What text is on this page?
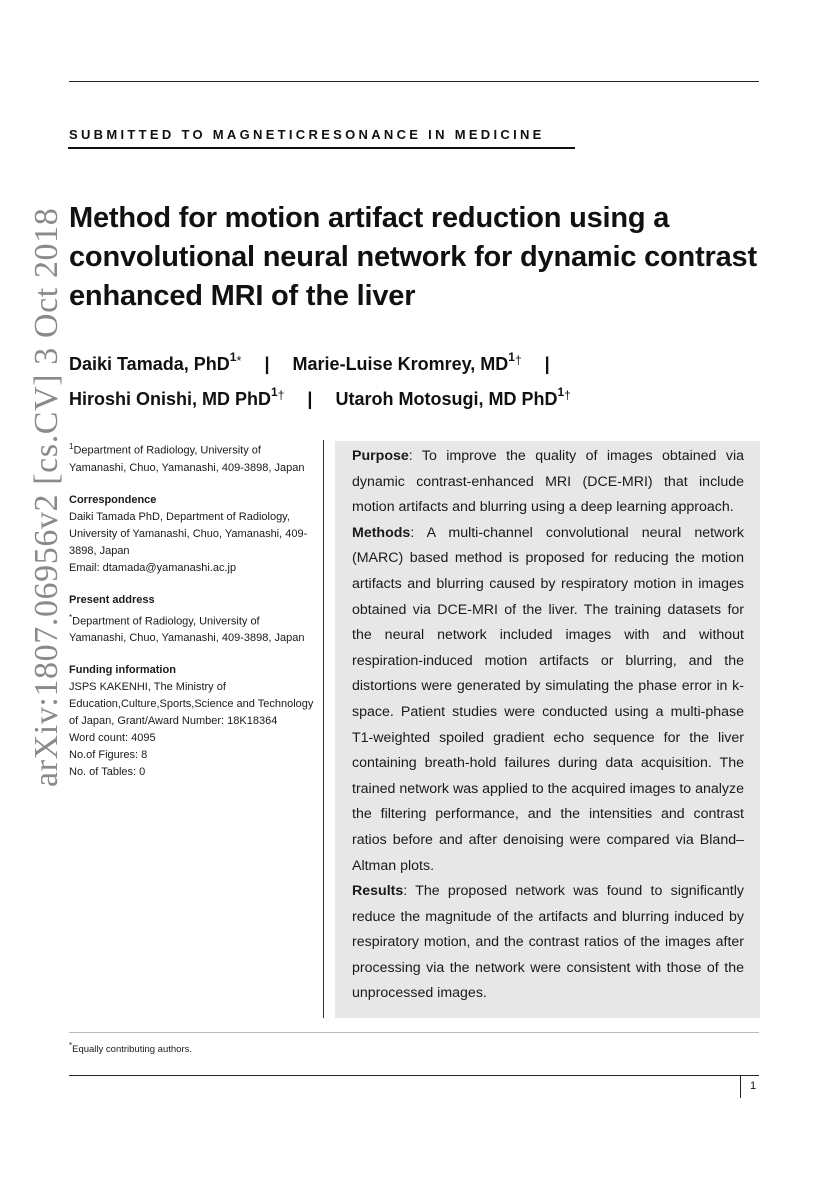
arXiv:1807.06956v2 [cs.CV] 3 Oct 2018
SUBMITTED TO MAGNETICRESONANCE IN MEDICINE
Method for motion artifact reduction using a convolutional neural network for dynamic contrast enhanced MRI of the liver
Daiki Tamada, PhD$^{1*}$ | Marie-Luise Kromrey, $MD^{1\dagger}$ |
Hiroshi Onishi, MD PhD$^{1\dagger}$ | Utaroh Motosugi, MD PhD$^{1\dagger}$
$^1$Department of Radiology, University of Yamanashi, Chuo, Yamanashi, 409-3898, Japan
Correspondence
Daiki Tamada PhD, Department of Radiology, University of Yamanashi, Chuo, Yamanashi, 409-3898, Japan
Email: dtamada@yamanashi.ac.jp
Present address
*Department of Radiology, University of Yamanashi, Chuo, Yamanashi, 409-3898, Japan
Funding information
JSPS KAKENHI, The Ministry of Education,Culture,Sports,Science and Technology of Japan, Grant/Award Number: 18K18364
Word count: 4095
No.of Figures: 8
No. of Tables: 0

Purpose: To improve the quality of images obtained via dynamic contrast-enhanced MRI (DCE-MRI) that include motion artifacts and blurring using a deep learning approach.

Methods: A multi-channel convolutional neural network (MARC) based method is proposed for reducing the motion artifacts and blurring caused by respiratory motion in images obtained via DCE-MRI of the liver. The training datasets for the neural network included images with and without respiration-induced motion artifacts or blurring, and the distortions were generated by simulating the phase error in k-space. Patient studies were conducted using a multi-phase T1-weighted spoiled gradient echo sequence for the liver containing breath-hold failures during data acquisition. The trained network was applied to the acquired images to analyze the filtering performance, and the intensities and contrast ratios before and after denoising were compared via Bland–Altman plots.

Results: The proposed network was found to significantly reduce the magnitude of the artifacts and blurring induced by respiratory motion, and the contrast ratios of the images after processing via the network were consistent with those of the unprocessed images.

*Equally contributing authors.
1
